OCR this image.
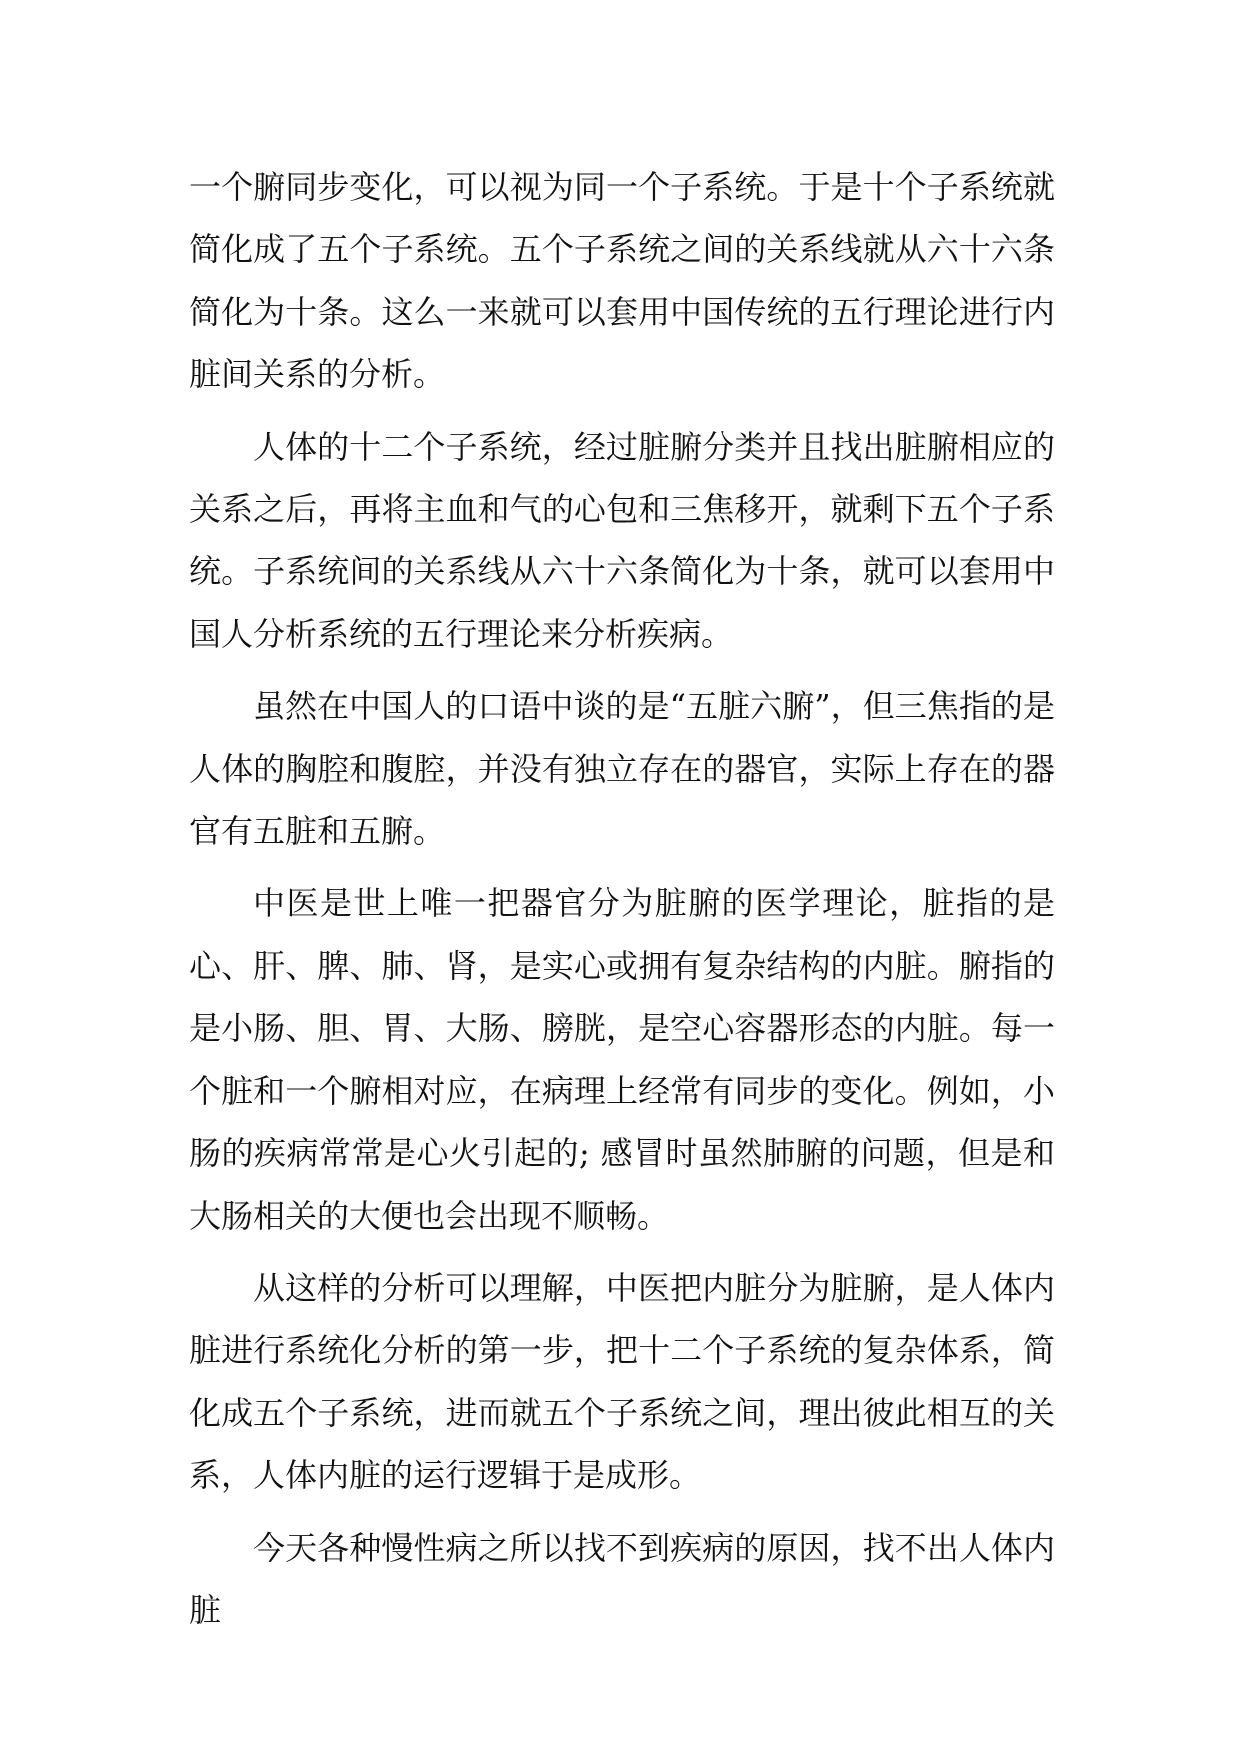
一个腑同步变化，可以视为同一个子系统。于是十个子系统就简化成了五个子系统。五个子系统之间的关系线就从六十六条简化为十条。这么一来就可以套用中国传统的五行理论进行内脏间关系的分析。

人体的十二个子系统，经过脏腑分类并且找出脏腑相应的关系之后，再将主血和气的心包和三焦移开，就剩下五个子系统。子系统间的关系线从六十六条简化为十条，就可以套用中国人分析系统的五行理论来分析疾病。

虽然在中国人的口语中谈的是“五脏六腑”，但三焦指的是人体的胸腔和腹腔，并没有独立存在的器官，实际上存在的器官有五脏和五腑。

中医是世上唯一把器官分为脏腑的医学理论，脏指的是心、肝、脾、肺、肾，是实心或拥有复杂结构的内脏。腑指的是小肠、胆、胃、大肠、膀胱，是空心容器形态的内脏。每一个脏和一个腑相对应，在病理上经常有同步的变化。例如，小肠的疾病常常是心火引起的; 感冒时虽然肺腑的问题，但是和大肠相关的大便也会出现不顺畅。

从这样的分析可以理解，中医把内脏分为脏腑，是人体内脏进行系统化分析的第一步，把十二个子系统的复杂体系，简化成五个子系统，进而就五个子系统之间，理出彼此相互的关系，人体内脏的运行逻辑于是成形。

今天各种慢性病之所以找不到疾病的原因，找不出人体内脏
